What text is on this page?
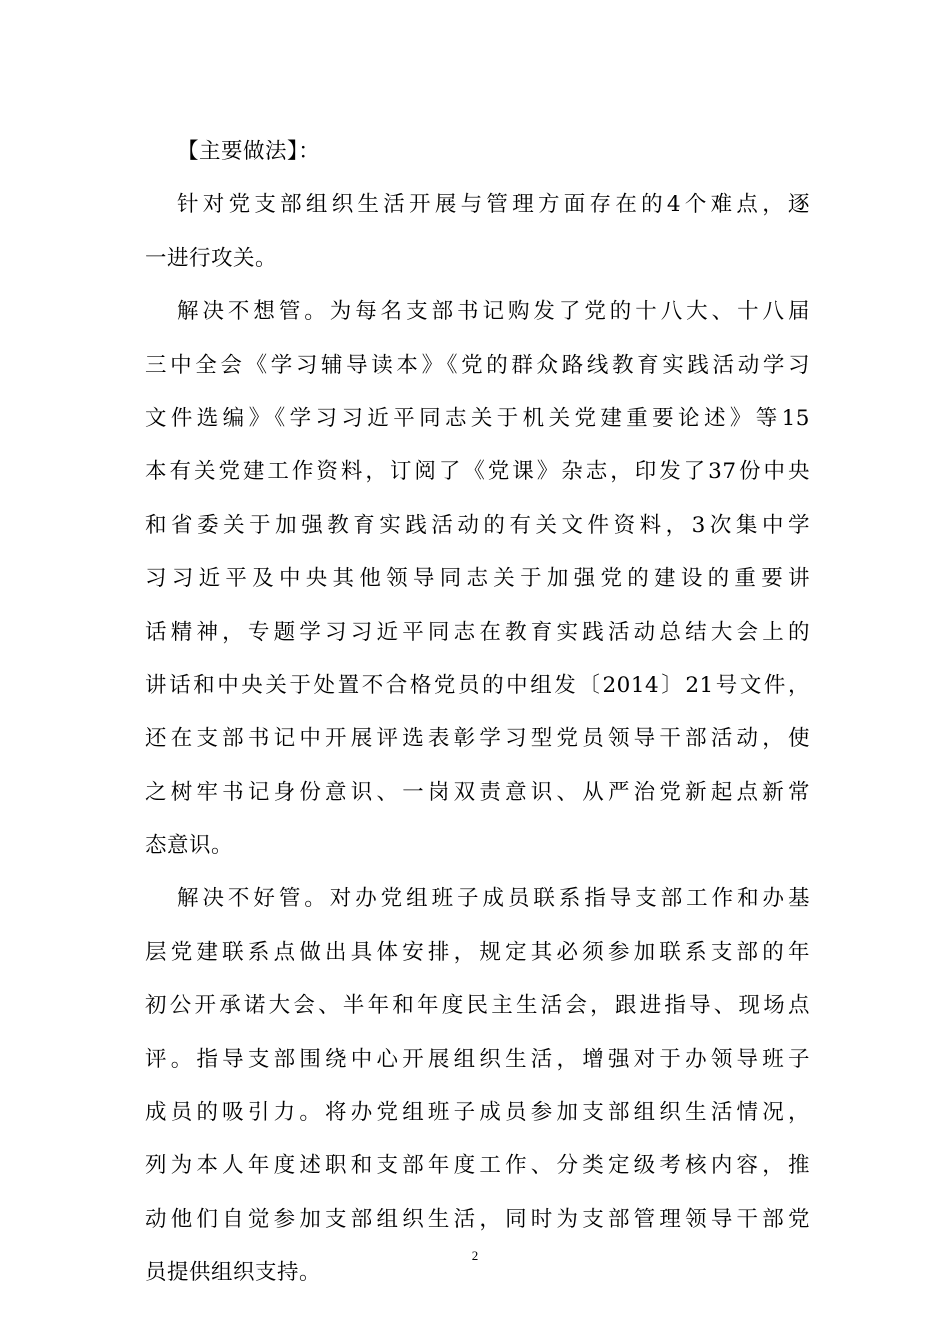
【主要做法】：
针对党支部组织生活开展与管理方面存在的4个难点，逐
一进行攻关。
解决不想管。为每名支部书记购发了党的十八大、十八届
三中全会《学习辅导读本》《党的群众路线教育实践活动学习
文件选编》《学习习近平同志关于机关党建重要论述》等15
本有关党建工作资料，订阅了《党课》杂志，印发了37份中央
和省委关于加强教育实践活动的有关文件资料，3次集中学
习习近平及中央其他领导同志关于加强党的建设的重要讲
话精神，专题学习习近平同志在教育实践活动总结大会上的
讲话和中央关于处置不合格党员的中组发〔2014〕21号文件，
还在支部书记中开展评选表彰学习型党员领导干部活动，使
之树牢书记身份意识、一岗双责意识、从严治党新起点新常
态意识。
解决不好管。对办党组班子成员联系指导支部工作和办基
层党建联系点做出具体安排，规定其必须参加联系支部的年
初公开承诺大会、半年和年度民主生活会，跟进指导、现场点
评。指导支部围绕中心开展组织生活，增强对于办领导班子
成员的吸引力。将办党组班子成员参加支部组织生活情况，
列为本人年度述职和支部年度工作、分类定级考核内容，推
动他们自觉参加支部组织生活，同时为支部管理领导干部党
员提供组织支持。
2
